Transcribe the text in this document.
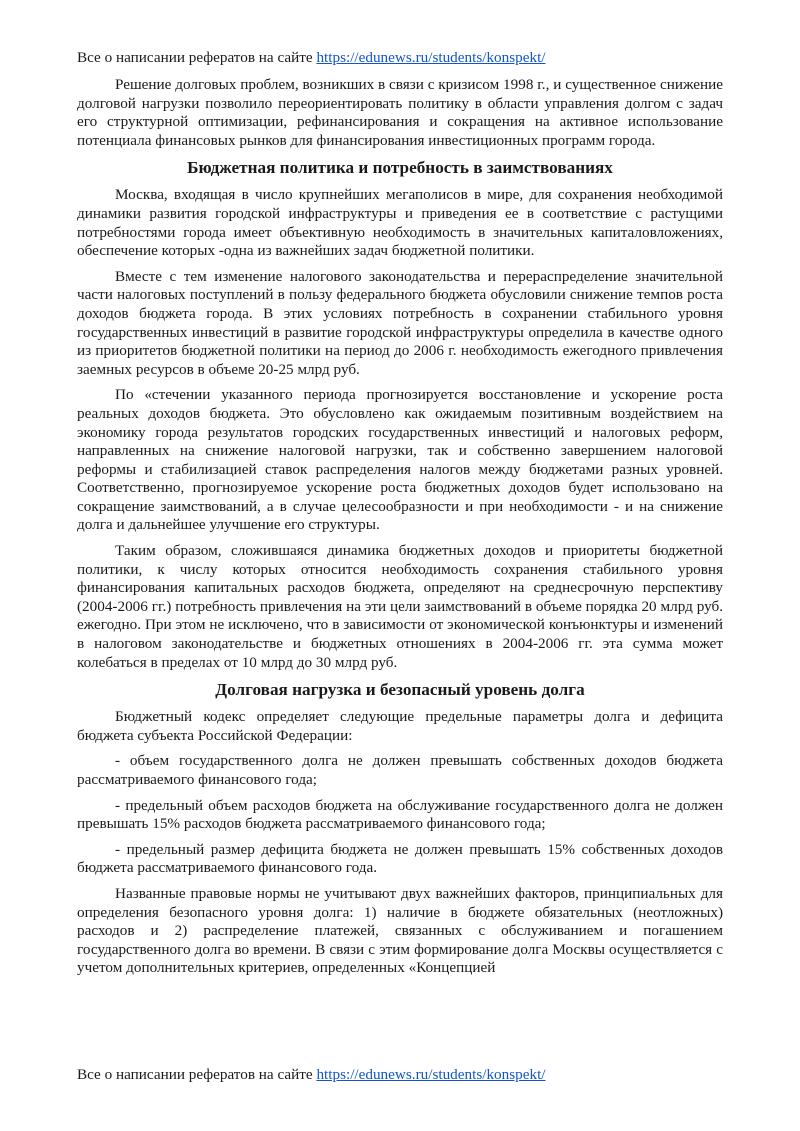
Все о написании рефератов на сайте https://edunews.ru/students/konspekt/

Решение долговых проблем, возникших в связи с кризисом 1998 г., и существенное снижение долговой нагрузки позволило переориентировать политику в области управления долгом с задач его структурной оптимизации, рефинансирования и сокращения на активное использование потенциала финансовых рынков для финансирования инвестиционных программ города.

Бюджетная политика и потребность в заимствованиях

Москва, входящая в число крупнейших мегаполисов в мире, для сохранения необходимой динамики развития городской инфраструктуры и приведения ее в соответствие с растущими потребностями города имеет объективную необходимость в значительных капиталовложениях, обеспечение которых -одна из важнейших задач бюджетной политики.

Вместе с тем изменение налогового законодательства и перераспределение значительной части налоговых поступлений в пользу федерального бюджета обусловили снижение темпов роста доходов бюджета города. В этих условиях потребность в сохранении стабильного уровня государственных инвестиций в развитие городской инфраструктуры определила в качестве одного из приоритетов бюджетной политики на период до 2006 г. необходимость ежегодного привлечения заемных ресурсов в объеме 20-25 млрд руб.

По «стечении указанного периода прогнозируется восстановление и ускорение роста реальных доходов бюджета. Это обусловлено как ожидаемым позитивным воздействием на экономику города результатов городских государственных инвестиций и налоговых реформ, направленных на снижение налоговой нагрузки, так и собственно завершением налоговой реформы и стабилизацией ставок распределения налогов между бюджетами разных уровней. Соответственно, прогнозируемое ускорение роста бюджетных доходов будет использовано на сокращение заимствований, а в случае целесообразности и при необходимости - и на снижение долга и дальнейшее улучшение его структуры.

Таким образом, сложившаяся динамика бюджетных доходов и приоритеты бюджетной политики, к числу которых относится необходимость сохранения стабильного уровня финансирования капитальных расходов бюджета, определяют на среднесрочную перспективу (2004-2006 гг.) потребность привлечения на эти цели заимствований в объеме порядка 20 млрд руб. ежегодно. При этом не исключено, что в зависимости от экономической конъюнктуры и изменений в налоговом законодательстве и бюджетных отношениях в 2004-2006 гг. эта сумма может колебаться в пределах от 10 млрд до 30 млрд руб.

Долговая нагрузка и безопасный уровень долга

Бюджетный кодекс определяет следующие предельные параметры долга и дефицита бюджета субъекта Российской Федерации:

- объем государственного долга не должен превышать собственных доходов бюджета рассматриваемого финансового года;

- предельный объем расходов бюджета на обслуживание государственного долга не должен превышать 15% расходов бюджета рассматриваемого финансового года;

- предельный размер дефицита бюджета не должен превышать 15% собственных доходов бюджета рассматриваемого финансового года.

Названные правовые нормы не учитывают двух важнейших факторов, принципиальных для определения безопасного уровня долга: 1) наличие в бюджете обязательных (неотложных) расходов и 2) распределение платежей, связанных с обслуживанием и погашением государственного долга во времени. В связи с этим формирование долга Москвы осуществляется с учетом дополнительных критериев, определенных «Концепцией

Все о написании рефератов на сайте https://edunews.ru/students/konspekt/
